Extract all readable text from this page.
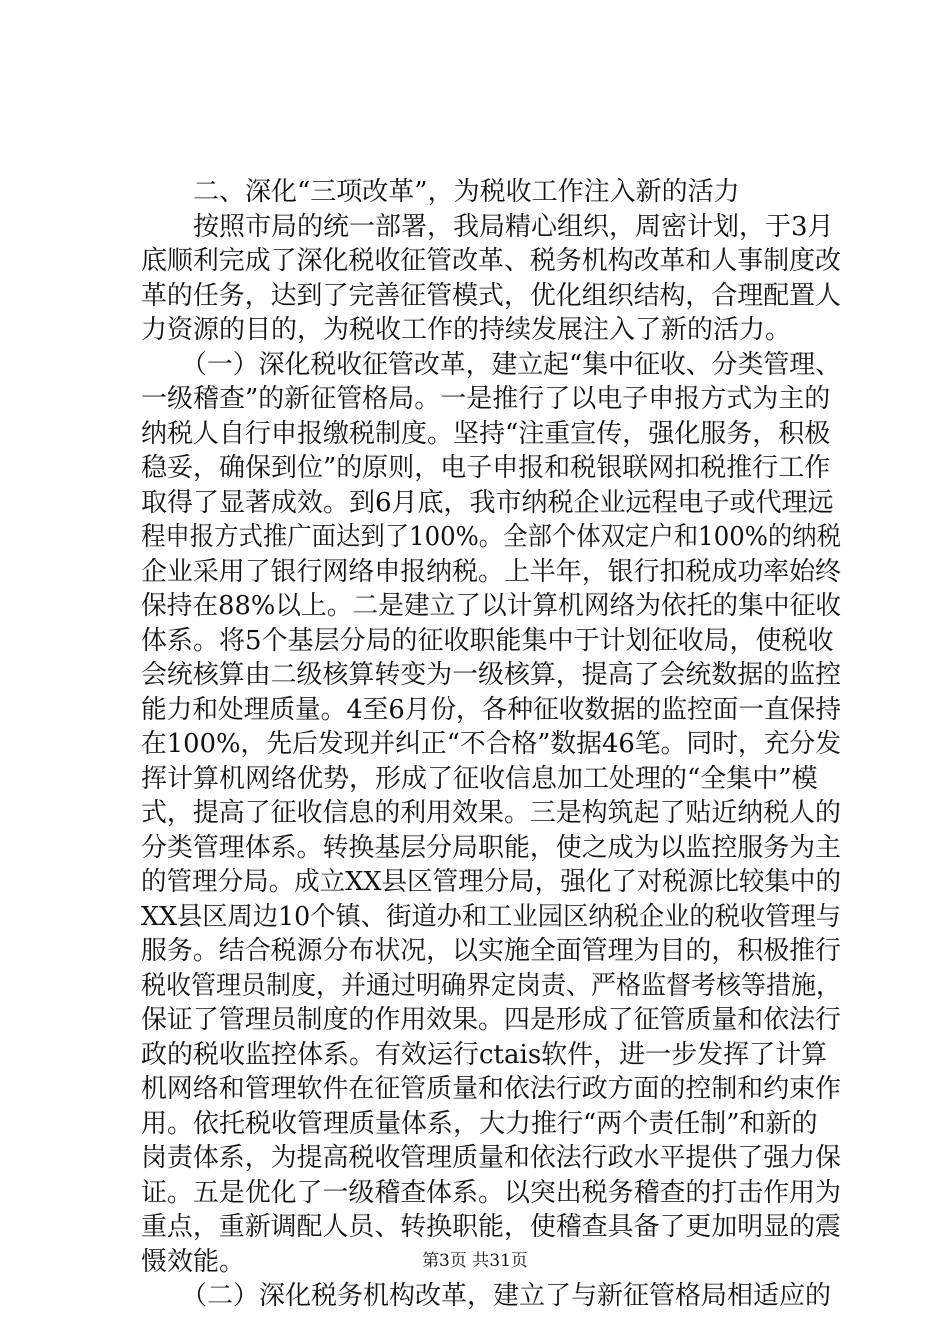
二、深化“三项改革”，为税收工作注入新的活力
按照市局的统一部署，我局精心组织，周密计划，于3月
底顺利完成了深化税收征管改革、税务机构改革和人事制度改
革的任务，达到了完善征管模式，优化组织结构，合理配置人
力资源的目的，为税收工作的持续发展注入了新的活力。
（一）深化税收征管改革，建立起“集中征收、分类管理、
一级稽查”的新征管格局。一是推行了以电子申报方式为主的
纳税人自行申报缴税制度。坚持“注重宣传，强化服务，积极
稳妥，确保到位”的原则，电子申报和税银联网扣税推行工作
取得了显著成效。到6月底，我市纳税企业远程电子或代理远
程申报方式推广面达到了100%。全部个体双定户和100%的纳税
企业采用了银行网络申报纳税。上半年，银行扣税成功率始终
保持在88%以上。二是建立了以计算机网络为依托的集中征收
体系。将5个基层分局的征收职能集中于计划征收局，使税收
会统核算由二级核算转变为一级核算，提高了会统数据的监控
能力和处理质量。4至6月份，各种征收数据的监控面一直保持
在100%，先后发现并纠正“不合格”数据46笔。同时，充分发
挥计算机网络优势，形成了征收信息加工处理的“全集中”模
式，提高了征收信息的利用效果。三是构筑起了贴近纳税人的
分类管理体系。转换基层分局职能，使之成为以监控服务为主
的管理分局。成立XX县区管理分局，强化了对税源比较集中的
XX县区周边10个镇、街道办和工业园区纳税企业的税收管理与
服务。结合税源分布状况，以实施全面管理为目的，积极推行
税收管理员制度，并通过明确界定岗责、严格监督考核等措施，
保证了管理员制度的作用效果。四是形成了征管质量和依法行
政的税收监控体系。有效运行ctais软件，进一步发挥了计算
机网络和管理软件在征管质量和依法行政方面的控制和约束作
用。依托税收管理质量体系，大力推行“两个责任制”和新的
岗责体系，为提高税收管理质量和依法行政水平提供了强力保
证。五是优化了一级稽查体系。以突出税务稽查的打击作用为
重点，重新调配人员、转换职能，使稽查具备了更加明显的震
慑效能。
（二）深化税务机构改革，建立了与新征管格局相适应的
第3页 共31页
